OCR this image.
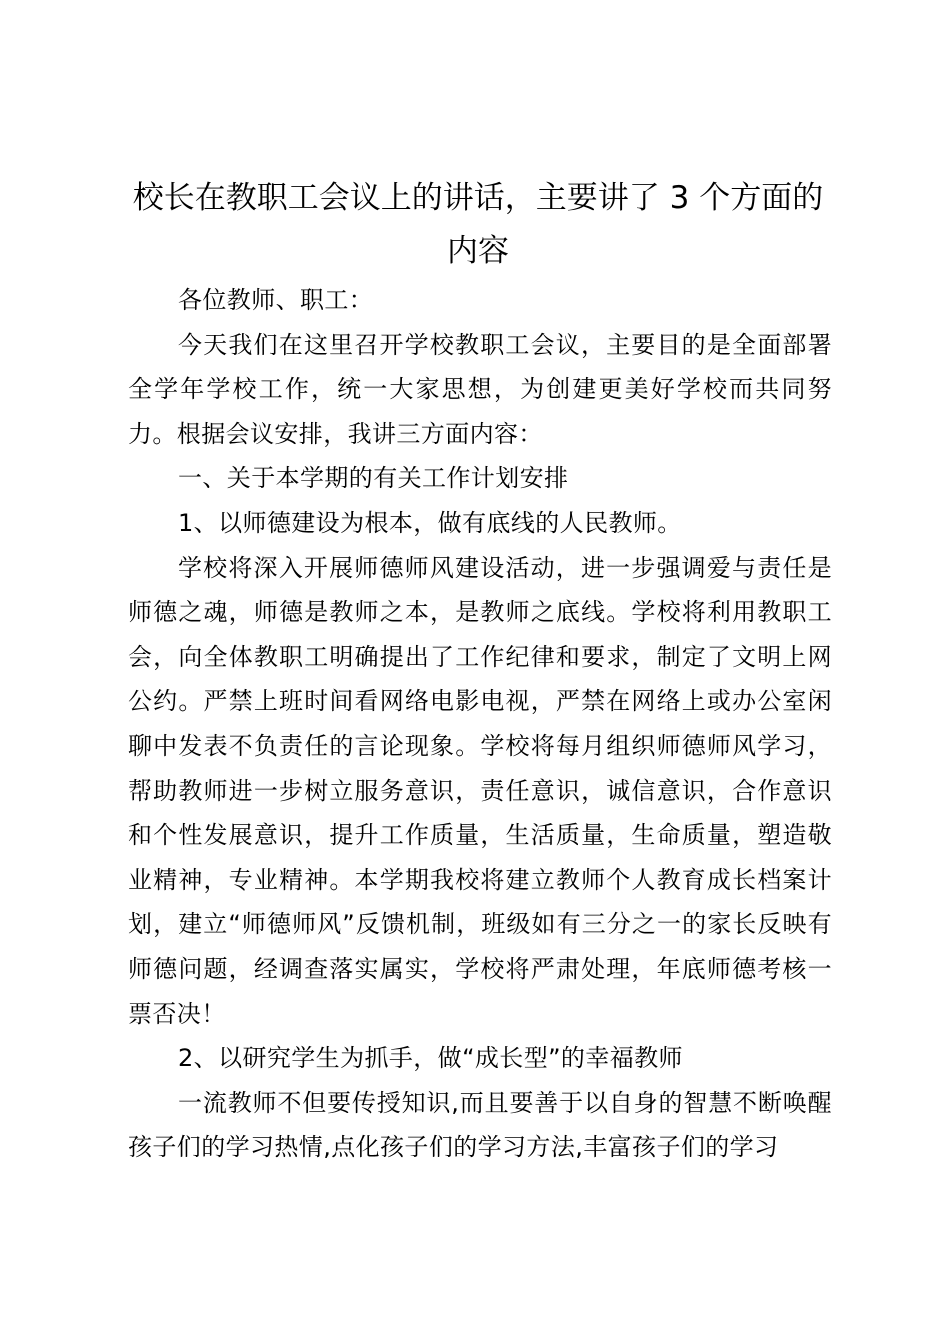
校长在教职工会议上的讲话，主要讲了 3 个方面的内容

各位教师、职工：

今天我们在这里召开学校教职工会议，主要目的是全面部署全学年学校工作，统一大家思想，为创建更美好学校而共同努力。根据会议安排，我讲三方面内容：

一、关于本学期的有关工作计划安排

1、以师德建设为根本，做有底线的人民教师。

学校将深入开展师德师风建设活动，进一步强调爱与责任是师德之魂，师德是教师之本，是教师之底线。学校将利用教职工会，向全体教职工明确提出了工作纪律和要求，制定了文明上网公约。严禁上班时间看网络电影电视，严禁在网络上或办公室闲聊中发表不负责任的言论现象。学校将每月组织师德师风学习，帮助教师进一步树立服务意识，责任意识，诚信意识，合作意识和个性发展意识，提升工作质量，生活质量，生命质量，塑造敬业精神，专业精神。本学期我校将建立教师个人教育成长档案计划，建立“师德师风”反馈机制，班级如有三分之一的家长反映有师德问题，经调查落实属实，学校将严肃处理，年底师德考核一票否决！

2、以研究学生为抓手，做“成长型”的幸福教师

一流教师不但要传授知识,而且要善于以自身的智慧不断唤醒孩子们的学习热情,点化孩子们的学习方法,丰富孩子们的学习
